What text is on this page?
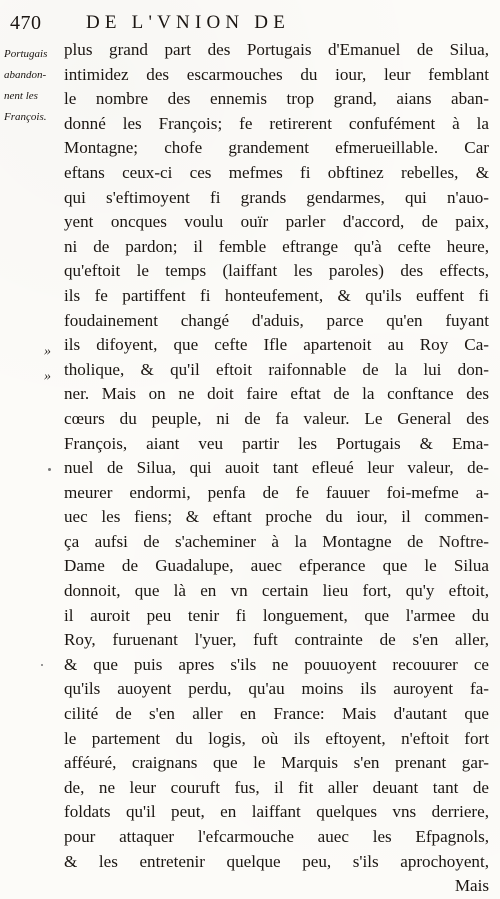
470 DE L'VNION DE
Portugais
abandon-
nent les
François.
»
»
plus grand part des Portugais d'Emanuel de Silua,
intimidez des escarmouches du iour, leur femblant
le nombre des ennemis trop grand, aians aban-
donné les François; fe retirerent confufément à la
Montagne; chofe grandement efmerueillable. Car
eftans ceux-ci ces mefmes fi obftinez rebelles, &
qui s'eftimoyent fi grands gendarmes, qui n'auo-
yent oncques voulu ouïr parler d'accord, de paix,
ni de pardon; il femble eftrange qu'à cefte heure,
qu'eftoit le temps (laiffant les paroles) des effects,
ils fe partiffent fi honteufement, & qu'ils euffent fi
foudainement changé d'aduis, parce qu'en fuyant
ils difoyent, que cefte Ifle apartenoit au Roy Ca-
tholique, & qu'il eftoit raifonnable de la lui don-
ner. Mais on ne doit faire eftat de la conftance des
cœurs du peuple, ni de fa valeur. Le General des
François, aiant veu partir les Portugais & Ema-
nuel de Silua, qui auoit tant efleué leur valeur, de-
meurer endormi, penfa de fe fauuer foi-mefme a-
uec les fiens; & eftant proche du iour, il commen-
ça aufsi de s'acheminer à la Montagne de Noftre-
Dame de Guadalupe, auec efperance que le Silua
donnoit, que là en vn certain lieu fort, qu'y eftoit,
il auroit peu tenir fi longuement, que l'armee du
Roy, furuenant l'yuer, fuft contrainte de s'en aller,
& que puis apres s'ils ne pouuoyent recouurer ce
qu'ils auoyent perdu, qu'au moins ils auroyent fa-
cilité de s'en aller en France: Mais d'autant que
le partement du logis, où ils eftoyent, n'eftoit fort
afféuré, craignans que le Marquis s'en prenant gar-
de, ne leur couruft fus, il fit aller deuant tant de
foldats qu'il peut, en laiffant quelques vns derriere,
pour attaquer l'efcarmouche auec les Efpagnols,
& les entretenir quelque peu, s'ils aprochoyent,
Mais
